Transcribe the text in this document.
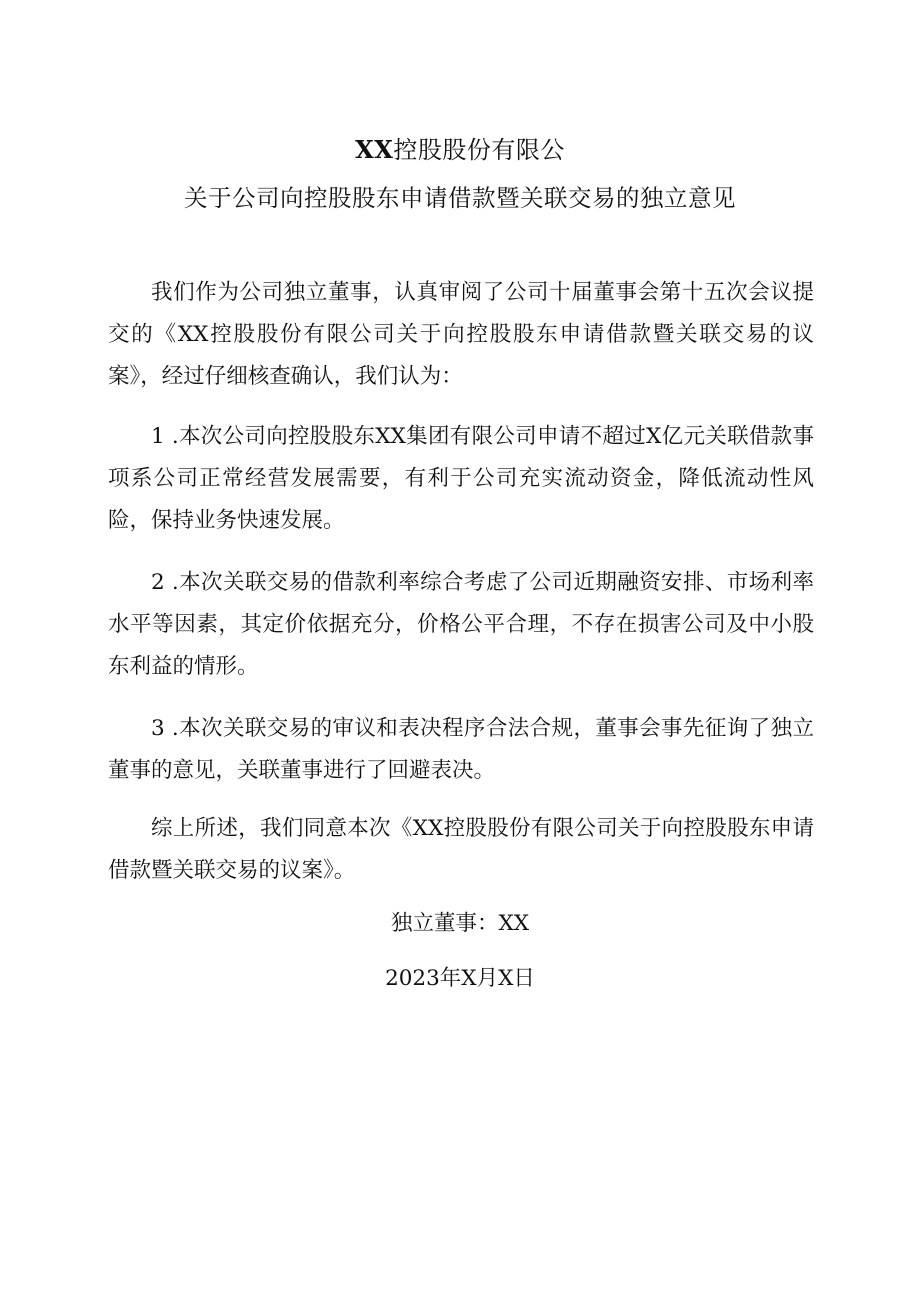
XX控股股份有限公
关于公司向控股股东申请借款暨关联交易的独立意见
我们作为公司独立董事，认真审阅了公司十届董事会第十五次会议提交的《XX控股股份有限公司关于向控股股东申请借款暨关联交易的议案》，经过仔细核查确认，我们认为：
1 .本次公司向控股股东XX集团有限公司申请不超过X亿元关联借款事项系公司正常经营发展需要，有利于公司充实流动资金，降低流动性风险，保持业务快速发展。
2 .本次关联交易的借款利率综合考虑了公司近期融资安排、市场利率水平等因素，其定价依据充分，价格公平合理，不存在损害公司及中小股东利益的情形。
3 .本次关联交易的审议和表决程序合法合规，董事会事先征询了独立董事的意见，关联董事进行了回避表决。
综上所述，我们同意本次《XX控股股份有限公司关于向控股股东申请借款暨关联交易的议案》。
独立董事：XX
2023年X月X日
